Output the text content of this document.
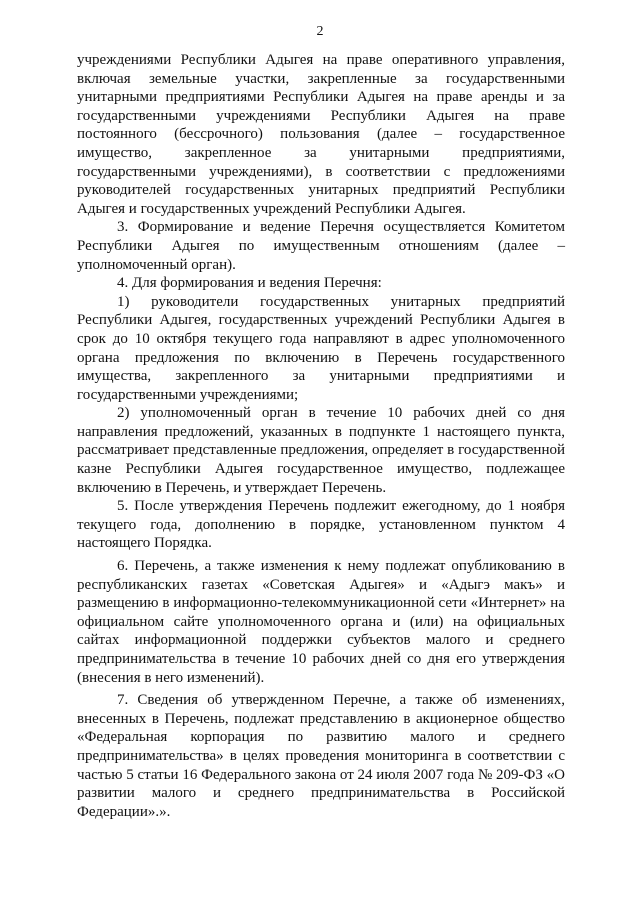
2

учреждениями Республики Адыгея на праве оперативного управления, включая земельные участки, закрепленные за государственными унитарными предприятиями Республики Адыгея на праве аренды и за государственными учреждениями Республики Адыгея на праве постоянного (бессрочного) пользования (далее – государственное имущество, закрепленное за унитарными предприятиями, государственными учреждениями), в соответствии с предложениями руководителей государственных унитарных предприятий Республики Адыгея и государственных учреждений Республики Адыгея.

3. Формирование и ведение Перечня осуществляется Комитетом Республики Адыгея по имущественным отношениям (далее – уполномоченный орган).

4. Для формирования и ведения Перечня:

1) руководители государственных унитарных предприятий Республики Адыгея, государственных учреждений Республики Адыгея в срок до 10 октября текущего года направляют в адрес уполномоченного органа предложения по включению в Перечень государственного имущества, закрепленного за унитарными предприятиями и государственными учреждениями;

2) уполномоченный орган в течение 10 рабочих дней со дня направления предложений, указанных в подпункте 1 настоящего пункта, рассматривает представленные предложения, определяет в государственной казне Республики Адыгея государственное имущество, подлежащее включению в Перечень, и утверждает Перечень.

5. После утверждения Перечень подлежит ежегодному, до 1 ноября текущего года, дополнению в порядке, установленном пунктом 4 настоящего Порядка.

6. Перечень, а также изменения к нему подлежат опубликованию в республиканских газетах «Советская Адыгея» и «Адыгэ макъ» и размещению в информационно-телекоммуникационной сети «Интернет» на официальном сайте уполномоченного органа и (или) на официальных сайтах информационной поддержки субъектов малого и среднего предпринимательства в течение 10 рабочих дней со дня его утверждения (внесения в него изменений).

7. Сведения об утвержденном Перечне, а также об изменениях, внесенных в Перечень, подлежат представлению в акционерное общество «Федеральная корпорация по развитию малого и среднего предпринимательства» в целях проведения мониторинга в соответствии с частью 5 статьи 16 Федерального закона от 24 июля 2007 года № 209-ФЗ «О развитии малого и среднего предпринимательства в Российской Федерации».».
